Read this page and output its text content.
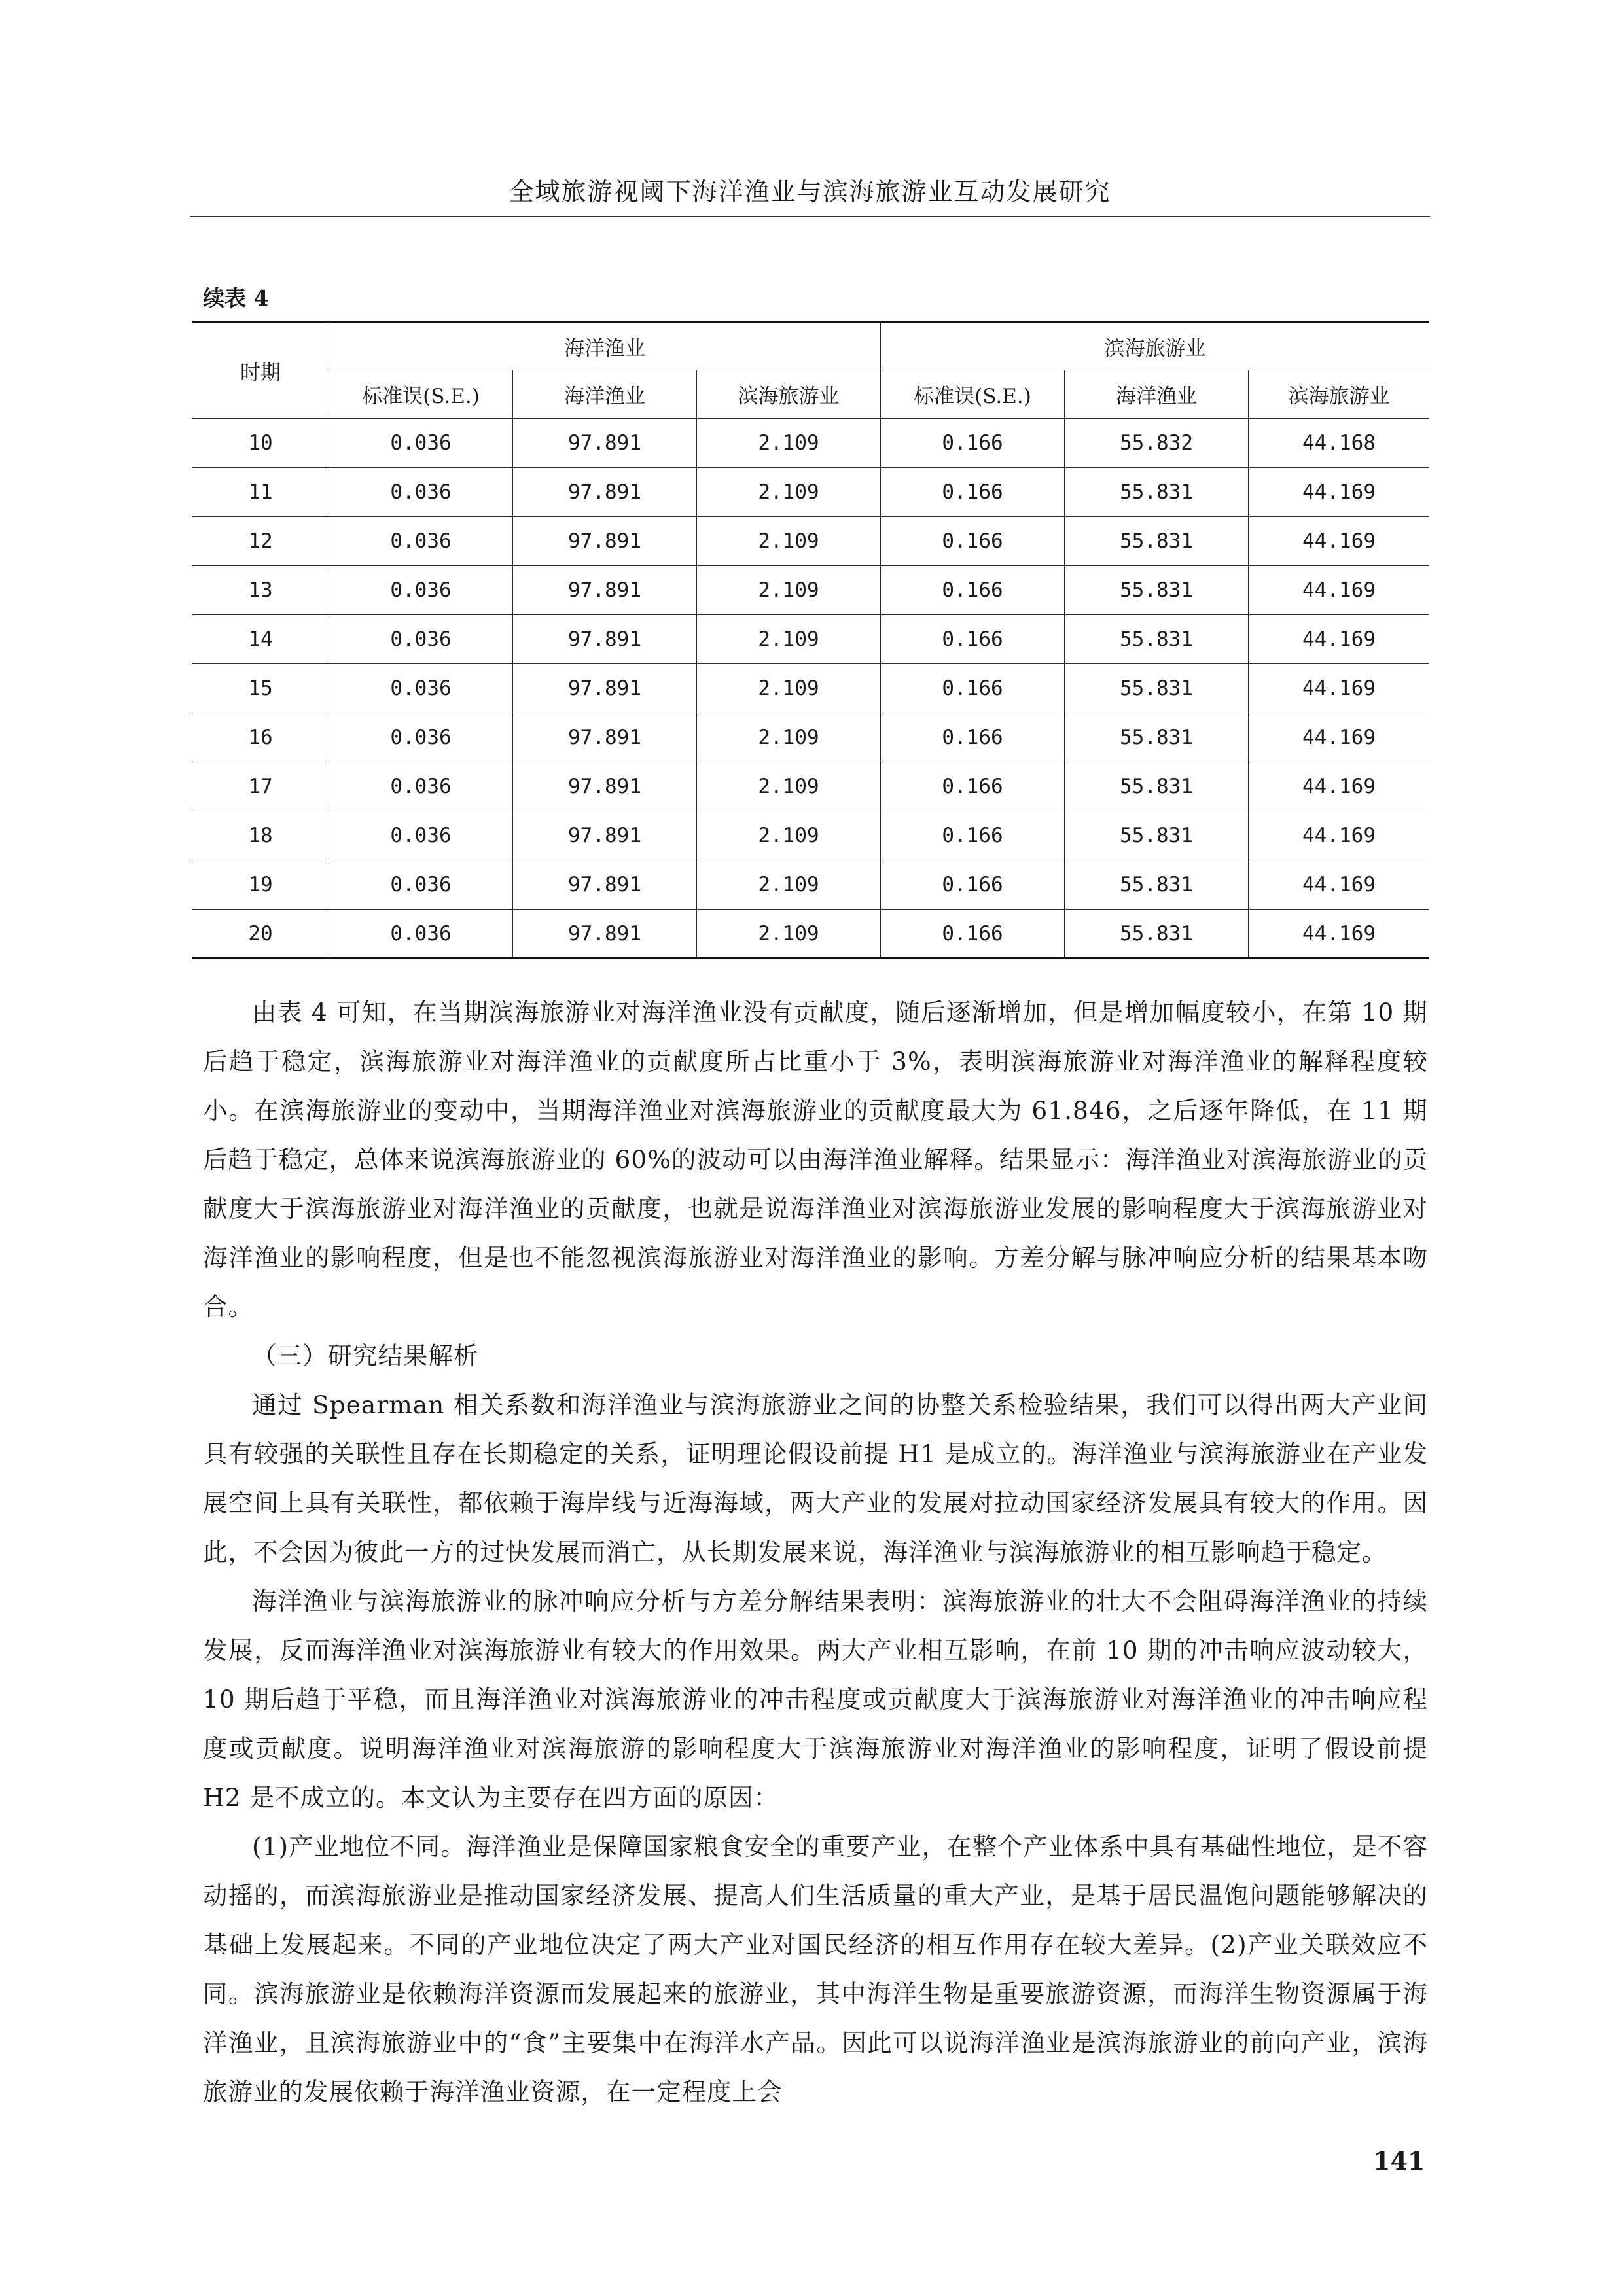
全域旅游视阈下海洋渔业与滨海旅游业互动发展研究
续表 4
时期	海洋渔业			滨海旅游业		
	标准误(S.E.)	海洋渔业	滨海旅游业	标准误(S.E.)	海洋渔业	滨海旅游业
10	0.036	97.891	2.109	0.166	55.832	44.168
11	0.036	97.891	2.109	0.166	55.831	44.169
12	0.036	97.891	2.109	0.166	55.831	44.169
13	0.036	97.891	2.109	0.166	55.831	44.169
14	0.036	97.891	2.109	0.166	55.831	44.169
15	0.036	97.891	2.109	0.166	55.831	44.169
16	0.036	97.891	2.109	0.166	55.831	44.169
17	0.036	97.891	2.109	0.166	55.831	44.169
18	0.036	97.891	2.109	0.166	55.831	44.169
19	0.036	97.891	2.109	0.166	55.831	44.169
20	0.036	97.891	2.109	0.166	55.831	44.169

由表 4 可知，在当期滨海旅游业对海洋渔业没有贡献度，随后逐渐增加，但是增加幅度较小，在第 10 期后趋于稳定，滨海旅游业对海洋渔业的贡献度所占比重小于 3%，表明滨海旅游业对海洋渔业的解释程度较小。在滨海旅游业的变动中，当期海洋渔业对滨海旅游业的贡献度最大为 61.846，之后逐年降低，在 11 期后趋于稳定，总体来说滨海旅游业的 60%的波动可以由海洋渔业解释。结果显示：海洋渔业对滨海旅游业的贡献度大于滨海旅游业对海洋渔业的贡献度，也就是说海洋渔业对滨海旅游业发展的影响程度大于滨海旅游业对海洋渔业的影响程度，但是也不能忽视滨海旅游业对海洋渔业的影响。方差分解与脉冲响应分析的结果基本吻合。

（三）研究结果解析

通过 Spearman 相关系数和海洋渔业与滨海旅游业之间的协整关系检验结果，我们可以得出两大产业间具有较强的关联性且存在长期稳定的关系，证明理论假设前提 H1 是成立的。海洋渔业与滨海旅游业在产业发展空间上具有关联性，都依赖于海岸线与近海海域，两大产业的发展对拉动国家经济发展具有较大的作用。因此，不会因为彼此一方的过快发展而消亡，从长期发展来说，海洋渔业与滨海旅游业的相互影响趋于稳定。

海洋渔业与滨海旅游业的脉冲响应分析与方差分解结果表明：滨海旅游业的壮大不会阻碍海洋渔业的持续发展，反而海洋渔业对滨海旅游业有较大的作用效果。两大产业相互影响，在前 10 期的冲击响应波动较大，10 期后趋于平稳，而且海洋渔业对滨海旅游业的冲击程度或贡献度大于滨海旅游业对海洋渔业的冲击响应程度或贡献度。说明海洋渔业对滨海旅游的影响程度大于滨海旅游业对海洋渔业的影响程度，证明了假设前提 H2 是不成立的。本文认为主要存在四方面的原因：

(1)产业地位不同。海洋渔业是保障国家粮食安全的重要产业，在整个产业体系中具有基础性地位，是不容动摇的，而滨海旅游业是推动国家经济发展、提高人们生活质量的重大产业，是基于居民温饱问题能够解决的基础上发展起来。不同的产业地位决定了两大产业对国民经济的相互作用存在较大差异。(2)产业关联效应不同。滨海旅游业是依赖海洋资源而发展起来的旅游业，其中海洋生物是重要旅游资源，而海洋生物资源属于海洋渔业，且滨海旅游业中的“食”主要集中在海洋水产品。因此可以说海洋渔业是滨海旅游业的前向产业，滨海旅游业的发展依赖于海洋渔业资源，在一定程度上会

141
